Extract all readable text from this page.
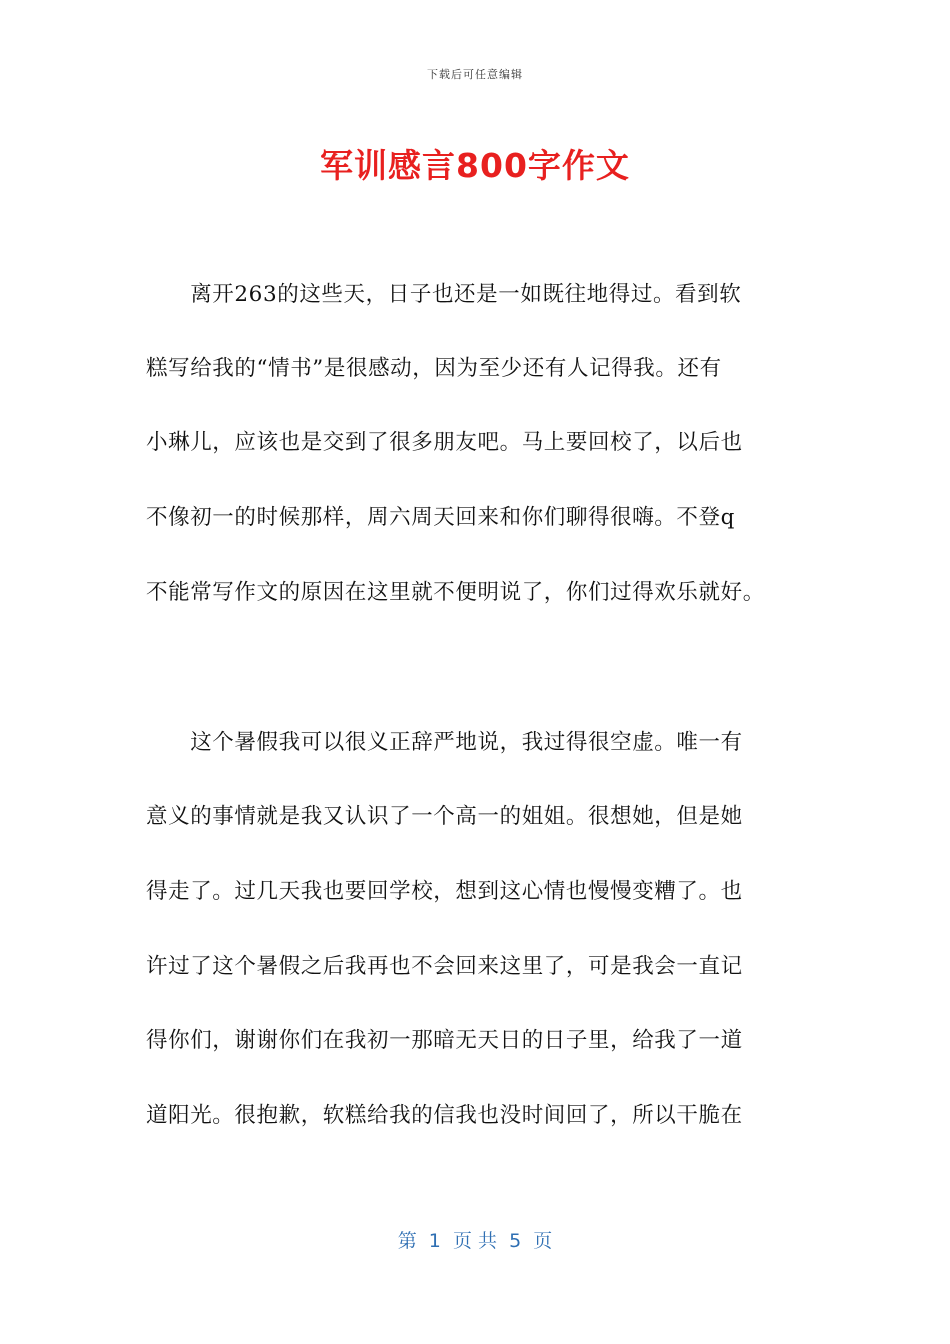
下载后可任意编辑
军训感言800字作文
　　离开263的这些天，日子也还是一如既往地得过。看到软
糕写给我的“情书”是很感动，因为至少还有人记得我。还有
小琳儿，应该也是交到了很多朋友吧。马上要回校了，以后也
不像初一的时候那样，周六周天回来和你们聊得很嗨。不登q
不能常写作文的原因在这里就不便明说了，你们过得欢乐就好。
　　这个暑假我可以很义正辞严地说，我过得很空虚。唯一有
意义的事情就是我又认识了一个高一的姐姐。很想她，但是她
得走了。过几天我也要回学校，想到这心情也慢慢变糟了。也
许过了这个暑假之后我再也不会回来这里了，可是我会一直记
得你们，谢谢你们在我初一那暗无天日的日子里，给我了一道
道阳光。很抱歉，软糕给我的信我也没时间回了，所以干脆在
第  1  页 共  5  页
